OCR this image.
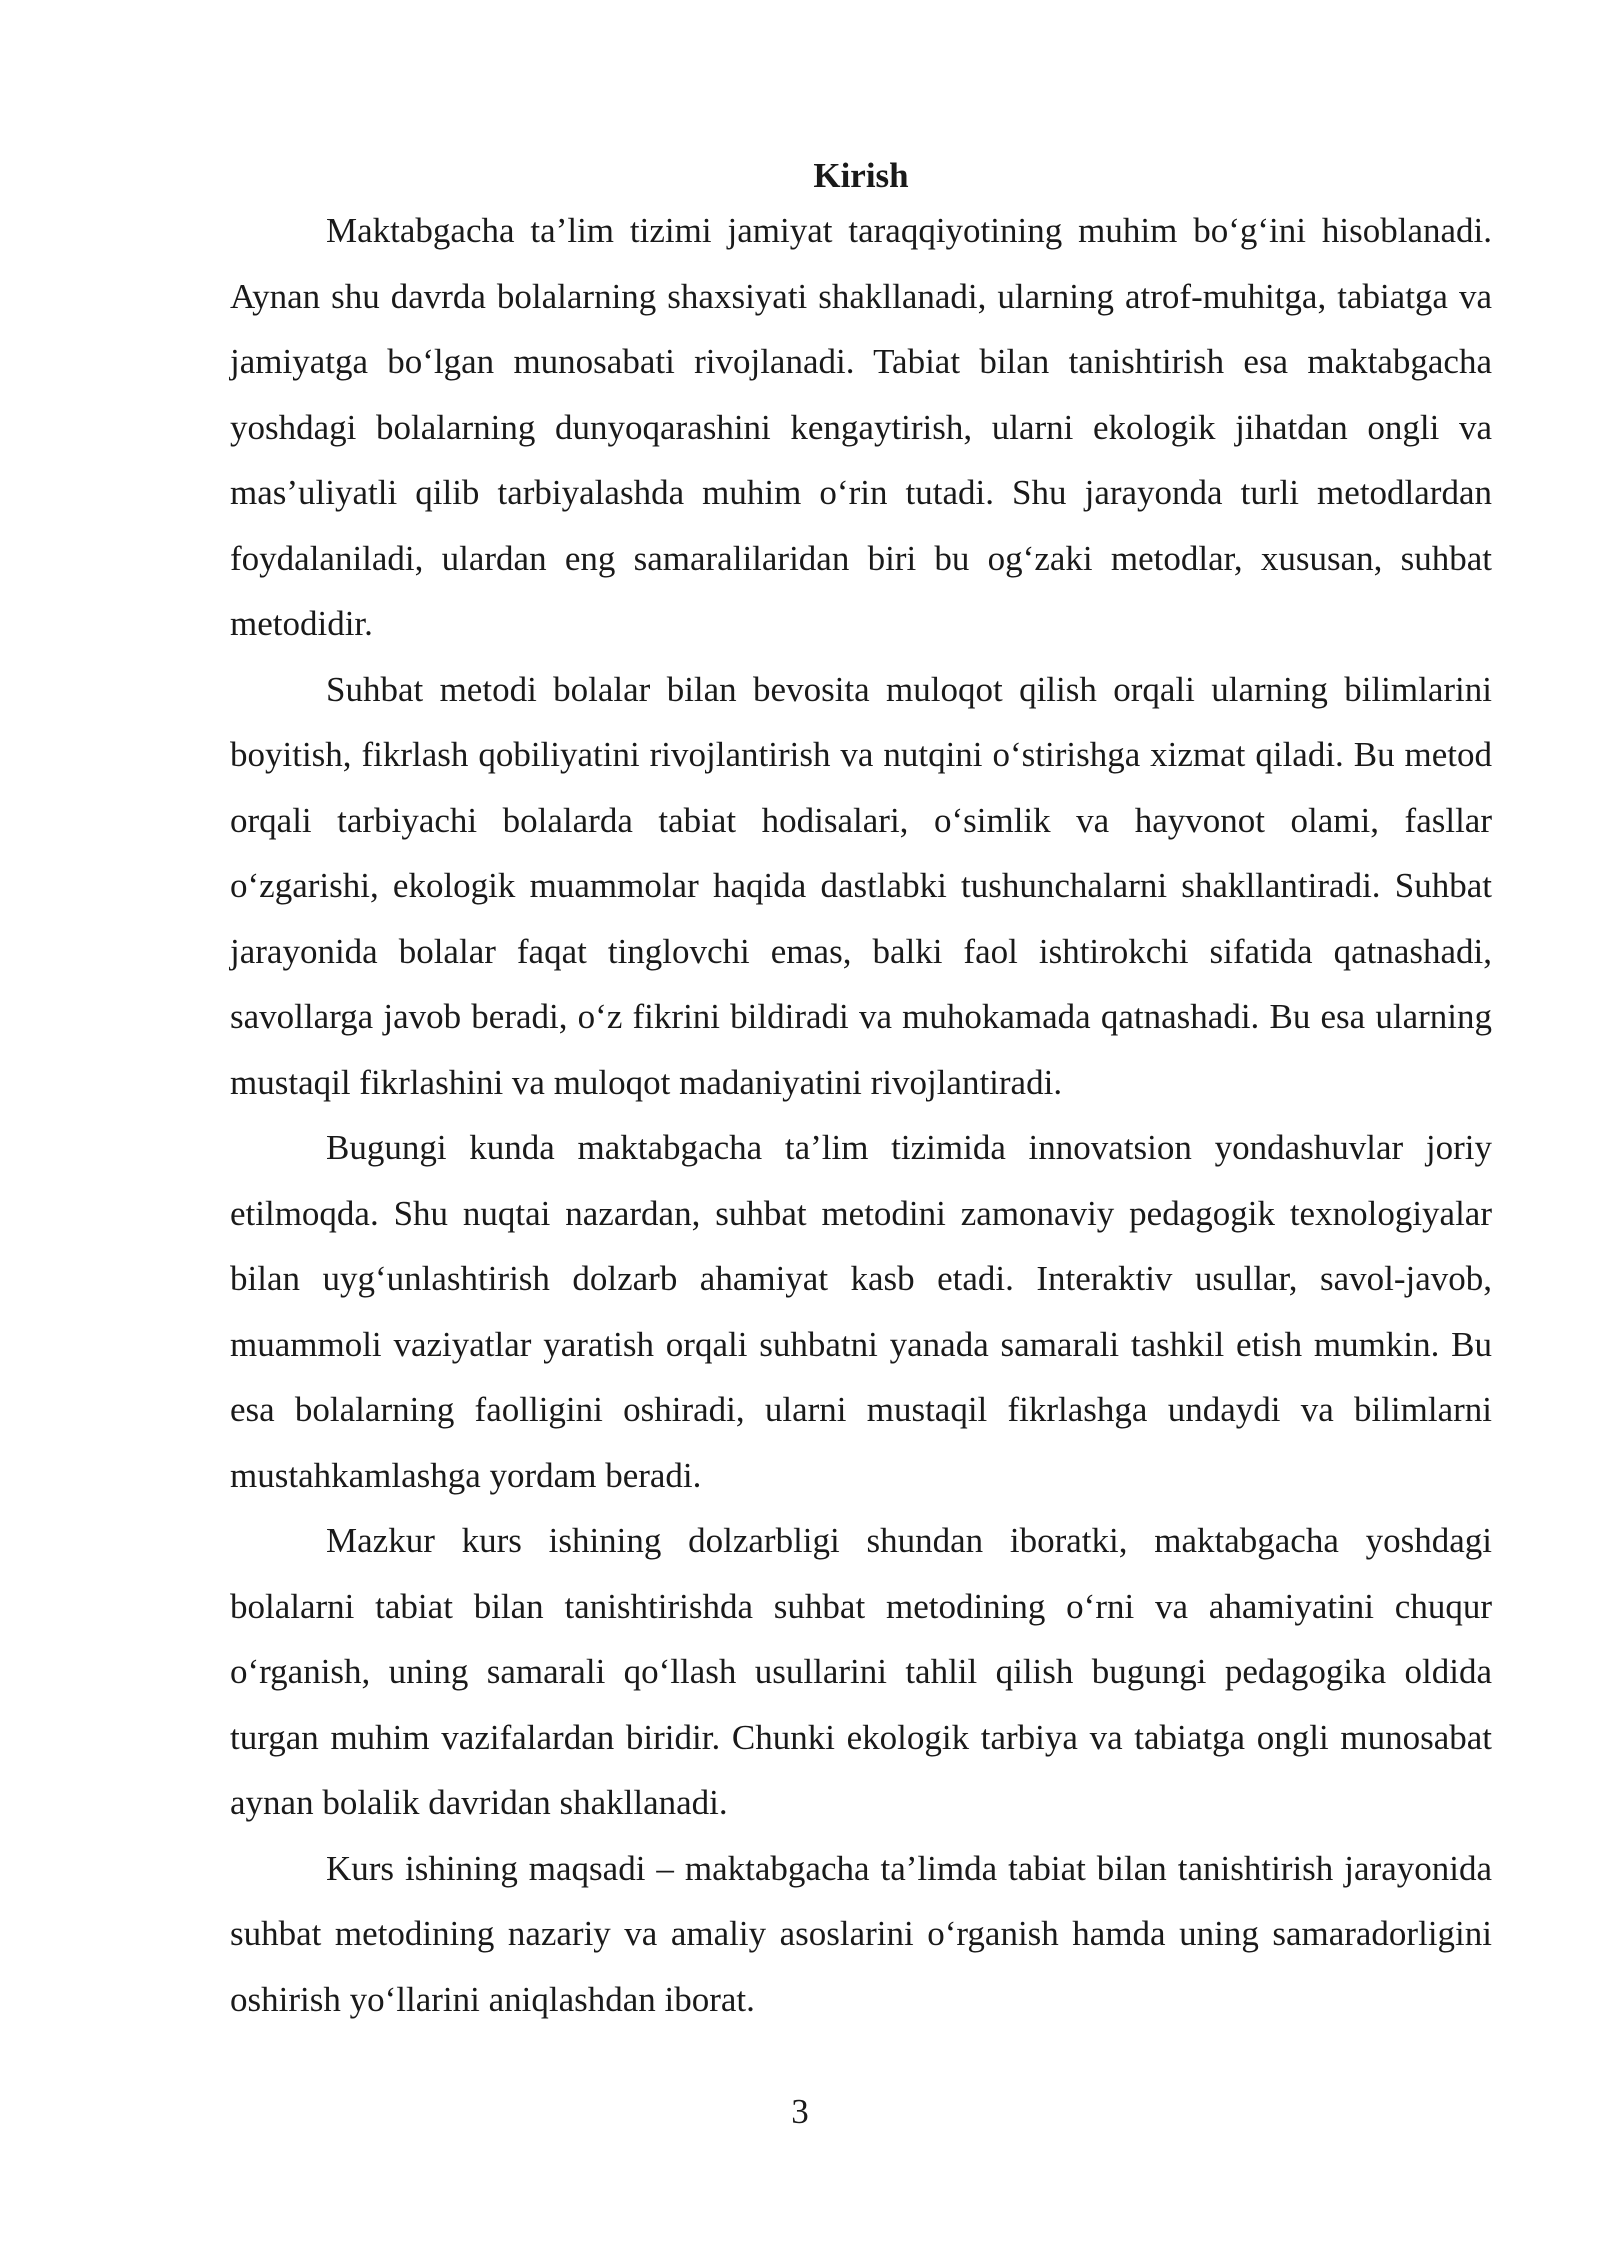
Kirish

Maktabgacha ta’lim tizimi jamiyat taraqqiyotining muhim bo‘g‘ini hisoblanadi. Aynan shu davrda bolalarning shaxsiyati shakllanadi, ularning atrof-muhitga, tabiatga va jamiyatga bo‘lgan munosabati rivojlanadi. Tabiat bilan tanishtirish esa maktabgacha yoshdagi bolalarning dunyoqarashini kengaytirish, ularni ekologik jihatdan ongli va mas’uliyatli qilib tarbiyalashda muhim o‘rin tutadi. Shu jarayonda turli metodlardan foydalaniladi, ulardan eng samaralilaridan biri bu og‘zaki metodlar, xususan, suhbat metodidir.

Suhbat metodi bolalar bilan bevosita muloqot qilish orqali ularning bilimlarini boyitish, fikrlash qobiliyatini rivojlantirish va nutqini o‘stirishga xizmat qiladi. Bu metod orqali tarbiyachi bolalarda tabiat hodisalari, o‘simlik va hayvonot olami, fasllar o‘zgarishi, ekologik muammolar haqida dastlabki tushunchalarni shakllantiradi. Suhbat jarayonida bolalar faqat tinglovchi emas, balki faol ishtirokchi sifatida qatnashadi, savollarga javob beradi, o‘z fikrini bildiradi va muhokamada qatnashadi. Bu esa ularning mustaqil fikrlashini va muloqot madaniyatini rivojlantiradi.

Bugungi kunda maktabgacha ta’lim tizimida innovatsion yondashuvlar joriy etilmoqda. Shu nuqtai nazardan, suhbat metodini zamonaviy pedagogik texnologiyalar bilan uyg‘unlashtirish dolzarb ahamiyat kasb etadi. Interaktiv usullar, savol-javob, muammoli vaziyatlar yaratish orqali suhbatni yanada samarali tashkil etish mumkin. Bu esa bolalarning faolligini oshiradi, ularni mustaqil fikrlashga undaydi va bilimlarni mustahkamlashga yordam beradi.

Mazkur kurs ishining dolzarbligi shundan iboratki, maktabgacha yoshdagi bolalarni tabiat bilan tanishtirishda suhbat metodining o‘rni va ahamiyatini chuqur o‘rganish, uning samarali qo‘llash usullarini tahlil qilish bugungi pedagogika oldida turgan muhim vazifalardan biridir. Chunki ekologik tarbiya va tabiatga ongli munosabat aynan bolalik davridan shakllanadi.

Kurs ishining maqsadi – maktabgacha ta’limda tabiat bilan tanishtirish jarayonida suhbat metodining nazariy va amaliy asoslarini o‘rganish hamda uning samaradorligini oshirish yo‘llarini aniqlashdan iborat.

3
